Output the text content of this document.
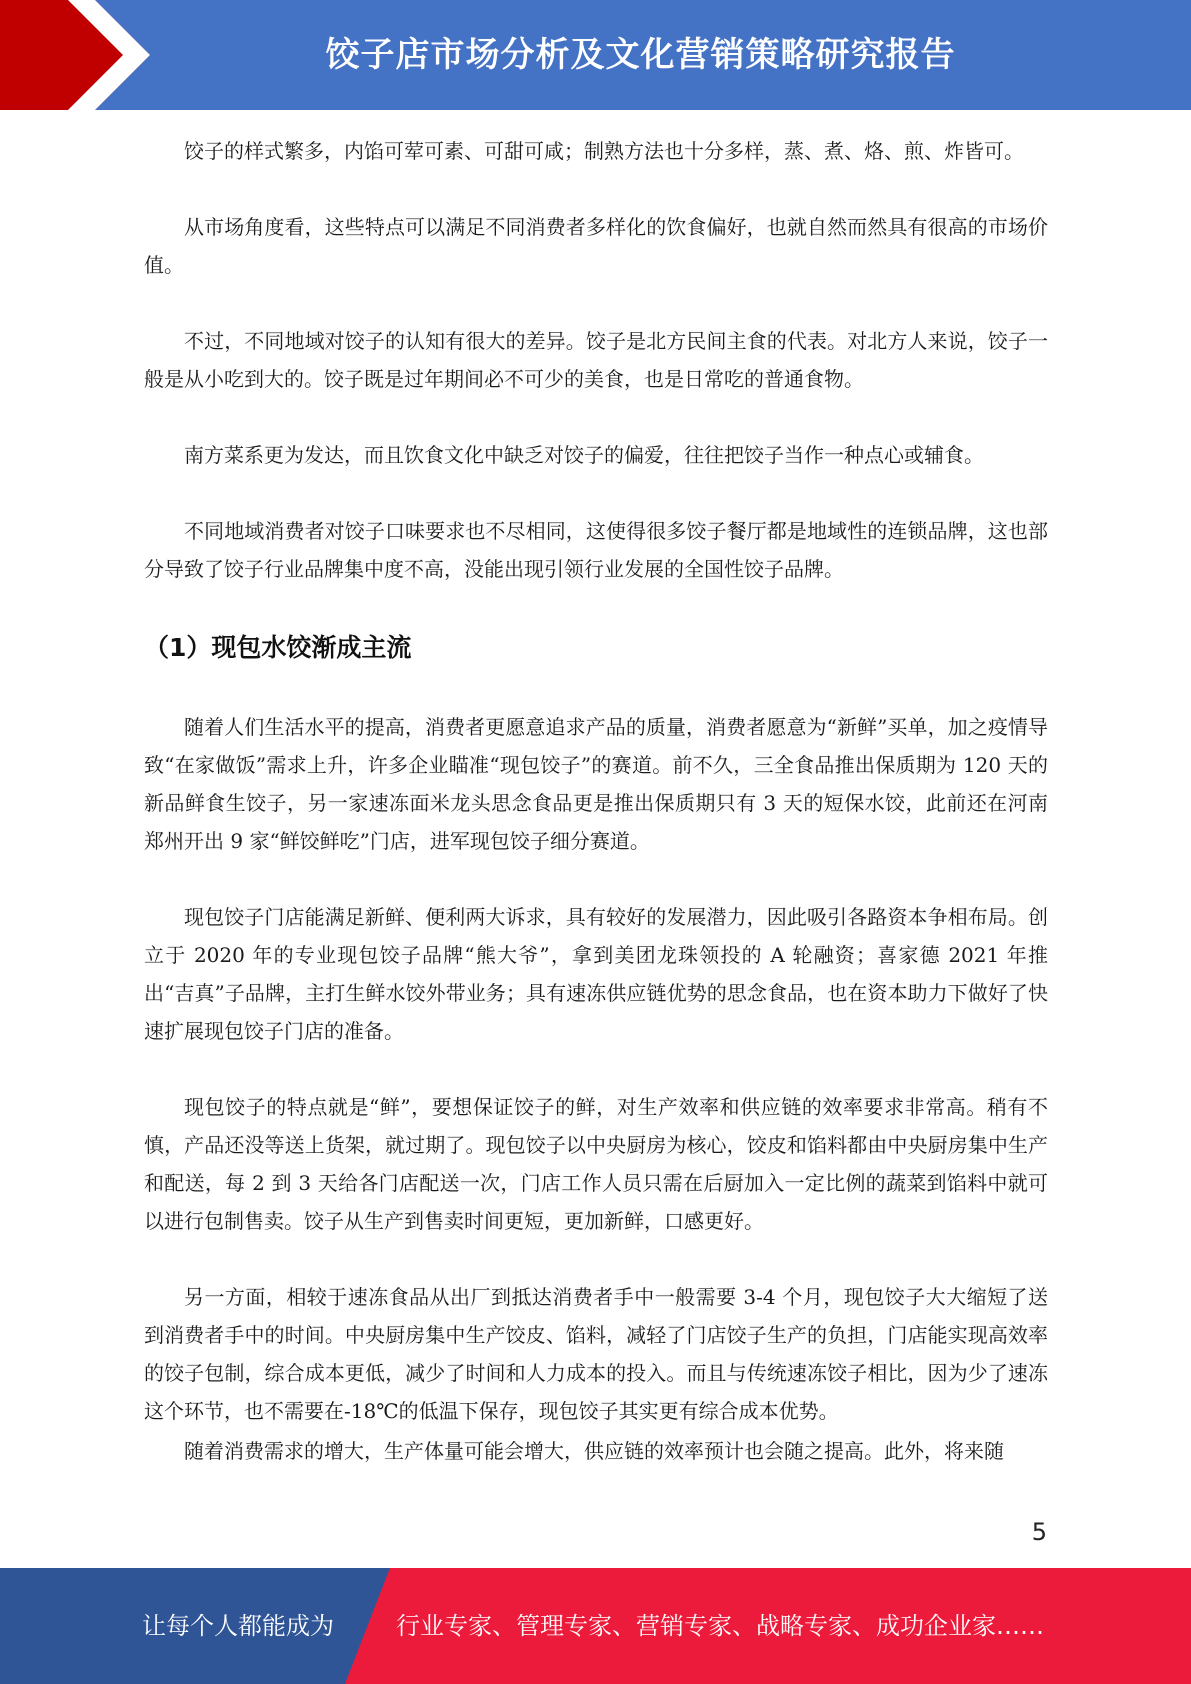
饺子店市场分析及文化营销策略研究报告

饺子的样式繁多，内馅可荤可素、可甜可咸；制熟方法也十分多样，蒸、煮、烙、煎、炸皆可。

从市场角度看，这些特点可以满足不同消费者多样化的饮食偏好，也就自然而然具有很高的市场价值。

不过，不同地域对饺子的认知有很大的差异。饺子是北方民间主食的代表。对北方人来说，饺子一般是从小吃到大的。饺子既是过年期间必不可少的美食，也是日常吃的普通食物。

南方菜系更为发达，而且饮食文化中缺乏对饺子的偏爱，往往把饺子当作一种点心或辅食。

不同地域消费者对饺子口味要求也不尽相同，这使得很多饺子餐厅都是地域性的连锁品牌，这也部分导致了饺子行业品牌集中度不高，没能出现引领行业发展的全国性饺子品牌。

（1）现包水饺渐成主流

随着人们生活水平的提高，消费者更愿意追求产品的质量，消费者愿意为“新鲜”买单，加之疫情导致“在家做饭”需求上升，许多企业瞄准“现包饺子”的赛道。前不久，三全食品推出保质期为 120 天的新品鲜食生饺子，另一家速冻面米龙头思念食品更是推出保质期只有 3 天的短保水饺，此前还在河南郑州开出 9 家“鲜饺鲜吃”门店，进军现包饺子细分赛道。

现包饺子门店能满足新鲜、便利两大诉求，具有较好的发展潜力，因此吸引各路资本争相布局。创立于 2020 年的专业现包饺子品牌“熊大爷”，拿到美团龙珠领投的 A 轮融资；喜家德 2021 年推出“吉真”子品牌，主打生鲜水饺外带业务；具有速冻供应链优势的思念食品，也在资本助力下做好了快速扩展现包饺子门店的准备。

现包饺子的特点就是“鲜”，要想保证饺子的鲜，对生产效率和供应链的效率要求非常高。稍有不慎，产品还没等送上货架，就过期了。现包饺子以中央厨房为核心，饺皮和馅料都由中央厨房集中生产和配送，每 2 到 3 天给各门店配送一次，门店工作人员只需在后厨加入一定比例的蔬菜到馅料中就可以进行包制售卖。饺子从生产到售卖时间更短，更加新鲜，口感更好。

另一方面，相较于速冻食品从出厂到抵达消费者手中一般需要 3-4 个月，现包饺子大大缩短了送到消费者手中的时间。中央厨房集中生产饺皮、馅料，减轻了门店饺子生产的负担，门店能实现高效率的饺子包制，综合成本更低，减少了时间和人力成本的投入。而且与传统速冻饺子相比，因为少了速冻这个环节，也不需要在-18℃的低温下保存，现包饺子其实更有综合成本优势。

随着消费需求的增大，生产体量可能会增大，供应链的效率预计也会随之提高。此外，将来随

5
让每个人都能成为	行业专家、管理专家、营销专家、战略专家、成功企业家……
